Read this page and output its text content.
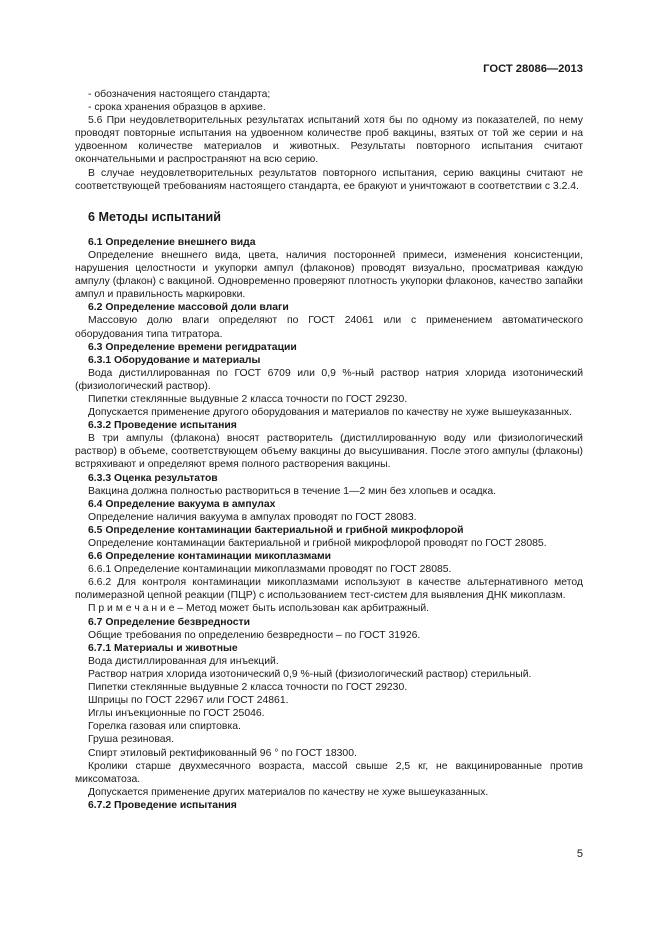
ГОСТ 28086—2013

- обозначения настоящего стандарта;

- срока хранения образцов в архиве.

5.6 При неудовлетворительных результатах испытаний хотя бы по одному из показателей, по нему проводят повторные испытания на удвоенном количестве проб вакцины, взятых от той же серии и на удвоенном количестве материалов и животных. Результаты повторного испытания считают окончательными и распространяют на всю серию.

В случае неудовлетворительных результатов повторного испытания, серию вакцины считают не соответствующей требованиям настоящего стандарта, ее бракуют и уничтожают в соответствии с 3.2.4.

6 Методы испытаний

6.1 Определение внешнего вида

Определение внешнего вида, цвета, наличия посторонней примеси, изменения консистенции, нарушения целостности и укупорки ампул (флаконов) проводят визуально, просматривая каждую ампулу (флакон) с вакциной. Одновременно проверяют плотность укупорки флаконов, качество запайки ампул и правильность маркировки.

6.2 Определение массовой доли влаги

Массовую долю влаги определяют по ГОСТ 24061 или с применением автоматического оборудования типа титратора.

6.3 Определение времени регидратации

6.3.1 Оборудование и материалы

Вода дистиллированная по ГОСТ 6709 или 0,9 %-ный раствор натрия хлорида изотонический (физиологический раствор).

Пипетки стеклянные выдувные 2 класса точности по ГОСТ 29230.

Допускается применение другого оборудования и материалов по качеству не хуже вышеуказанных.

6.3.2 Проведение испытания

В три ампулы (флакона) вносят растворитель (дистиллированную воду или физиологический раствор) в объеме, соответствующем объему вакцины до высушивания. После этого ампулы (флаконы) встряхивают и определяют время полного растворения вакцины.

6.3.3 Оценка результатов

Вакцина должна полностью раствориться в течение 1—2 мин без хлопьев и осадка.

6.4 Определение вакуума в ампулах

Определение наличия вакуума в ампулах проводят по ГОСТ 28083.

6.5 Определение контаминации бактериальной и грибной микрофлорой

Определение контаминации бактериальной и грибной микрофлорой проводят по ГОСТ 28085.

6.6 Определение контаминации микоплазмами

6.6.1 Определение контаминации микоплазмами проводят по ГОСТ 28085.

6.6.2 Для контроля контаминации микоплазмами используют в качестве альтернативного метод полимеразной цепной реакции (ПЦР) с использованием тест-систем для выявления ДНК микоплазм.

П р и м е ч а н и е – Метод может быть использован как арбитражный.

6.7 Определение безвредности

Общие требования по определению безвредности – по ГОСТ 31926.

6.7.1 Материалы и животные

Вода дистиллированная для инъекций.

Раствор натрия хлорида изотонический 0,9 %-ный (физиологический раствор) стерильный.

Пипетки стеклянные выдувные 2 класса точности по ГОСТ 29230.

Шприцы по ГОСТ 22967 или ГОСТ 24861.

Иглы инъекционные по ГОСТ 25046.

Горелка газовая или спиртовка.

Груша резиновая.

Спирт этиловый ректификованный 96 ° по ГОСТ 18300.

Кролики старше двухмесячного возраста, массой свыше 2,5 кг, не вакцинированные против миксоматоза.

Допускается применение других материалов по качеству не хуже вышеуказанных.

6.7.2 Проведение испытания

5
